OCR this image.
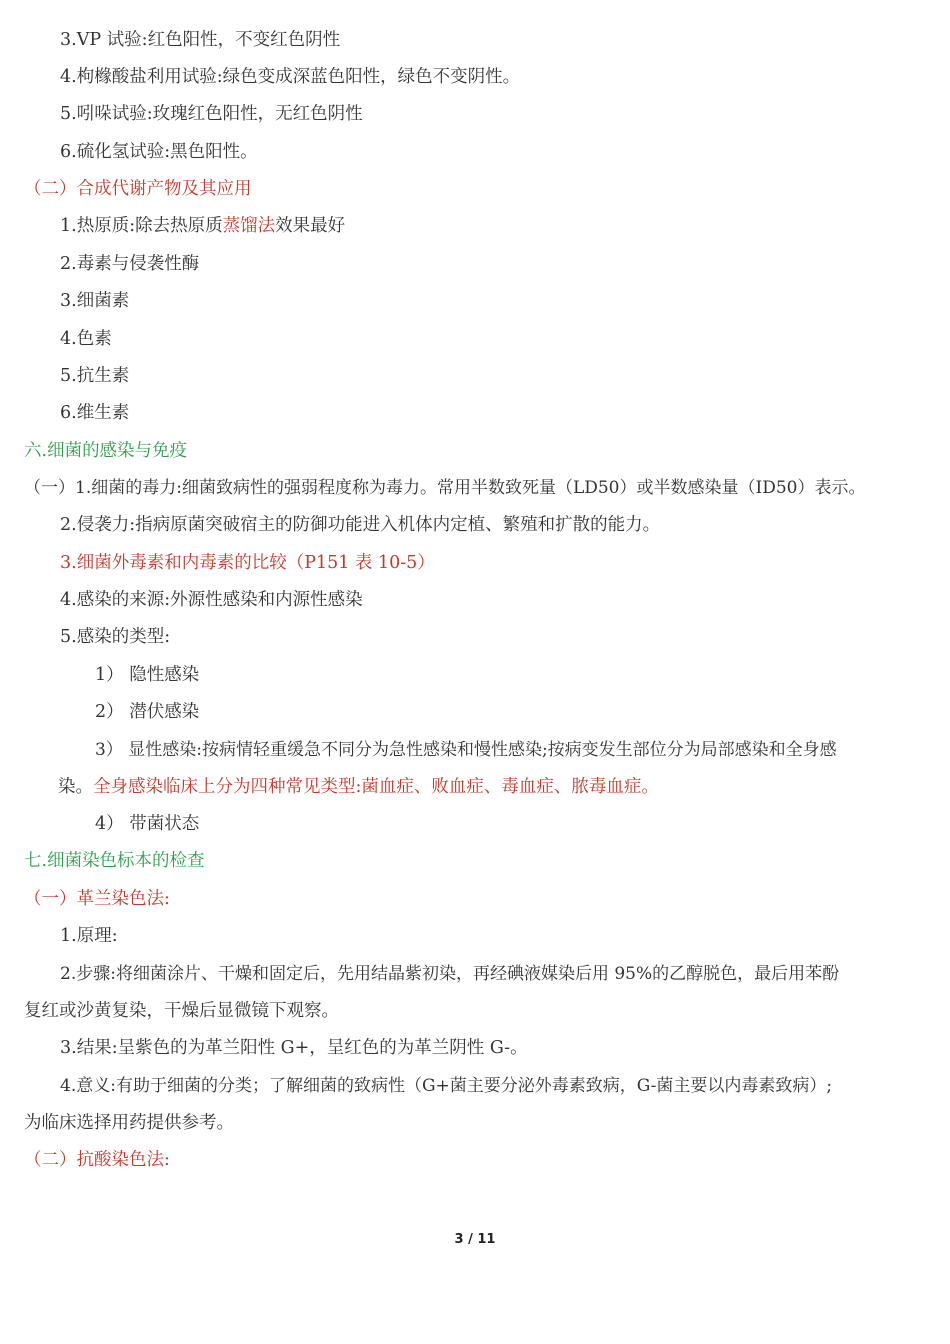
3.VP 试验:红色阳性，不变红色阴性
4.枸橼酸盐利用试验:绿色变成深蓝色阳性，绿色不变阴性。
5.吲哚试验:玫瑰红色阳性，无红色阴性
6.硫化氢试验:黑色阳性。
（二）合成代谢产物及其应用
1.热原质:除去热原质蒸馏法效果最好
2.毒素与侵袭性酶
3.细菌素
4.色素
5.抗生素
6.维生素
六.细菌的感染与免疫
（一）1.细菌的毒力:细菌致病性的强弱程度称为毒力。常用半数致死量（LD50）或半数感染量（ID50）表示。
2.侵袭力:指病原菌突破宿主的防御功能进入机体内定植、繁殖和扩散的能力。
3.细菌外毒素和内毒素的比较（P151 表 10-5）
4.感染的来源:外源性感染和内源性感染
5.感染的类型:
1） 隐性感染
2） 潜伏感染
3） 显性感染:按病情轻重缓急不同分为急性感染和慢性感染;按病变发生部位分为局部感染和全身感
染。全身感染临床上分为四种常见类型:菌血症、败血症、毒血症、脓毒血症。
4） 带菌状态
七.细菌染色标本的检查
（一）革兰染色法:
1.原理:
2.步骤:将细菌涂片、干燥和固定后，先用结晶紫初染，再经碘液媒染后用 95%的乙醇脱色，最后用苯酚
复红或沙黄复染，干燥后显微镜下观察。
3.结果:呈紫色的为革兰阳性 G+，呈红色的为革兰阴性 G-。
4.意义:有助于细菌的分类；了解细菌的致病性（G+菌主要分泌外毒素致病，G-菌主要以内毒素致病）;
为临床选择用药提供参考。
（二）抗酸染色法:
3 / 11
